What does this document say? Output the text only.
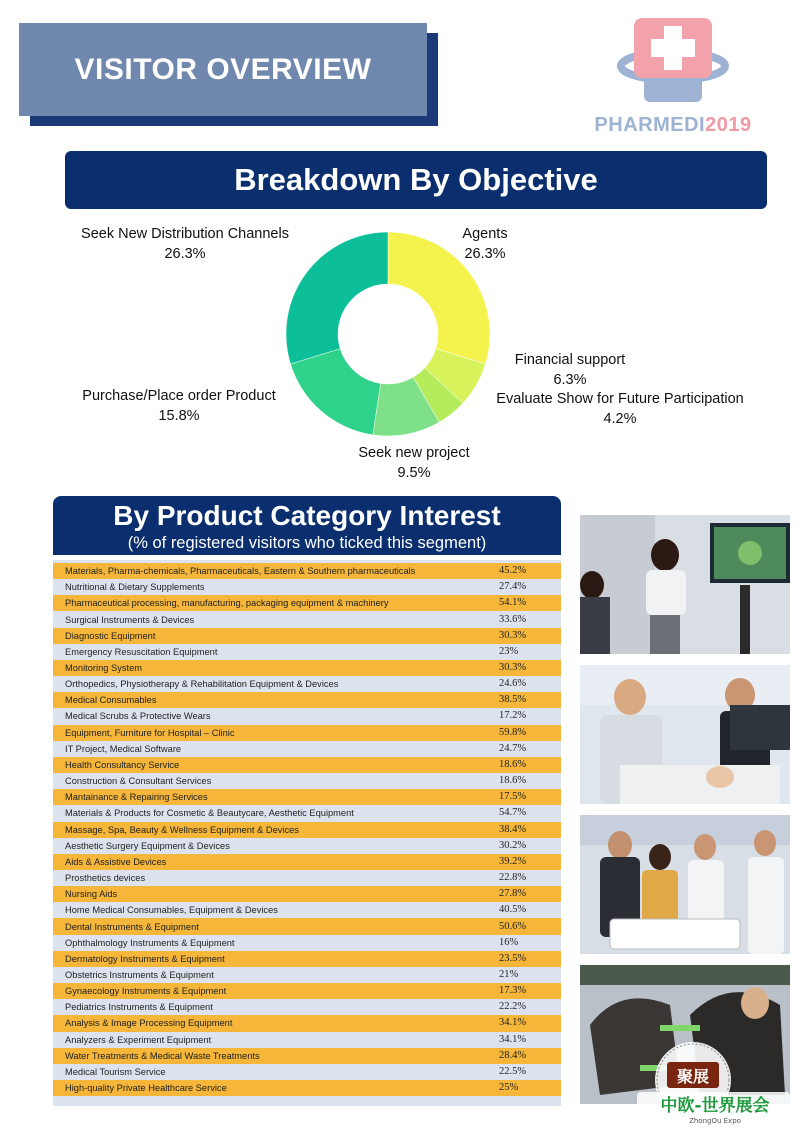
VISITOR OVERVIEW
PHARMEDI2019
Breakdown By Objective
Seek New Distribution Channels
26.3%
Agents
26.3%
Financial support
6.3%
Evaluate Show for Future Participation
4.2%
Seek new project
9.5%
Purchase/Place order Product
15.8%
By Product Category Interest
(% of registered visitors who ticked this segment)
Materials, Pharma-chemicals, Pharmaceuticals, Eastern & Southern pharmaceuticals	45.2%
Nutritional & Dietary Supplements	27.4%
Pharmaceutical processing, manufacturing, packaging equipment & machinery	54.1%
Surgical Instruments & Devices	33.6%
Diagnostic Equipment	30.3%
Emergency Resuscitation Equipment	23%
Monitoring System	30.3%
Orthopedics, Physiotherapy & Rehabilitation Equipment & Devices	24.6%
Medical Consumables	38.5%
Medical Scrubs & Protective Wears	17.2%
Equipment, Furniture for Hospital – Clinic	59.8%
IT Project, Medical Software	24.7%
Health Consultancy Service	18.6%
Construction & Consultant Services	18.6%
Mantainance & Repairing Services	17.5%
Materials & Products for Cosmetic & Beautycare, Aesthetic Equipment	54.7%
Massage, Spa, Beauty & Wellness Equipment & Devices	38.4%
Aesthetic Surgery Equipment & Devices	30.2%
Aids & Assistive Devices	39.2%
Prosthetics devices	22.8%
Nursing Aids	27.8%
Home Medical Consumables, Equipment & Devices	40.5%
Dental Instruments & Equipment	50.6%
Ophthalmology Instruments & Equipment	16%
Dermatology Instruments & Equipment	23.5%
Obstetrics Instruments & Equipment	21%
Gynaecology Instruments & Equipment	17.3%
Pediatrics Instruments & Equipment	22.2%
Analysis & Image Processing Equipment	34.1%
Analyzers & Experiment Equipment	34.1%
Water Treatments & Medical Waste Treatments	28.4%
Medical Tourism Service	22.5%
High-quality Private Healthcare Service	25%
聚展
中欧-世界展会
ZhongOu Expo
